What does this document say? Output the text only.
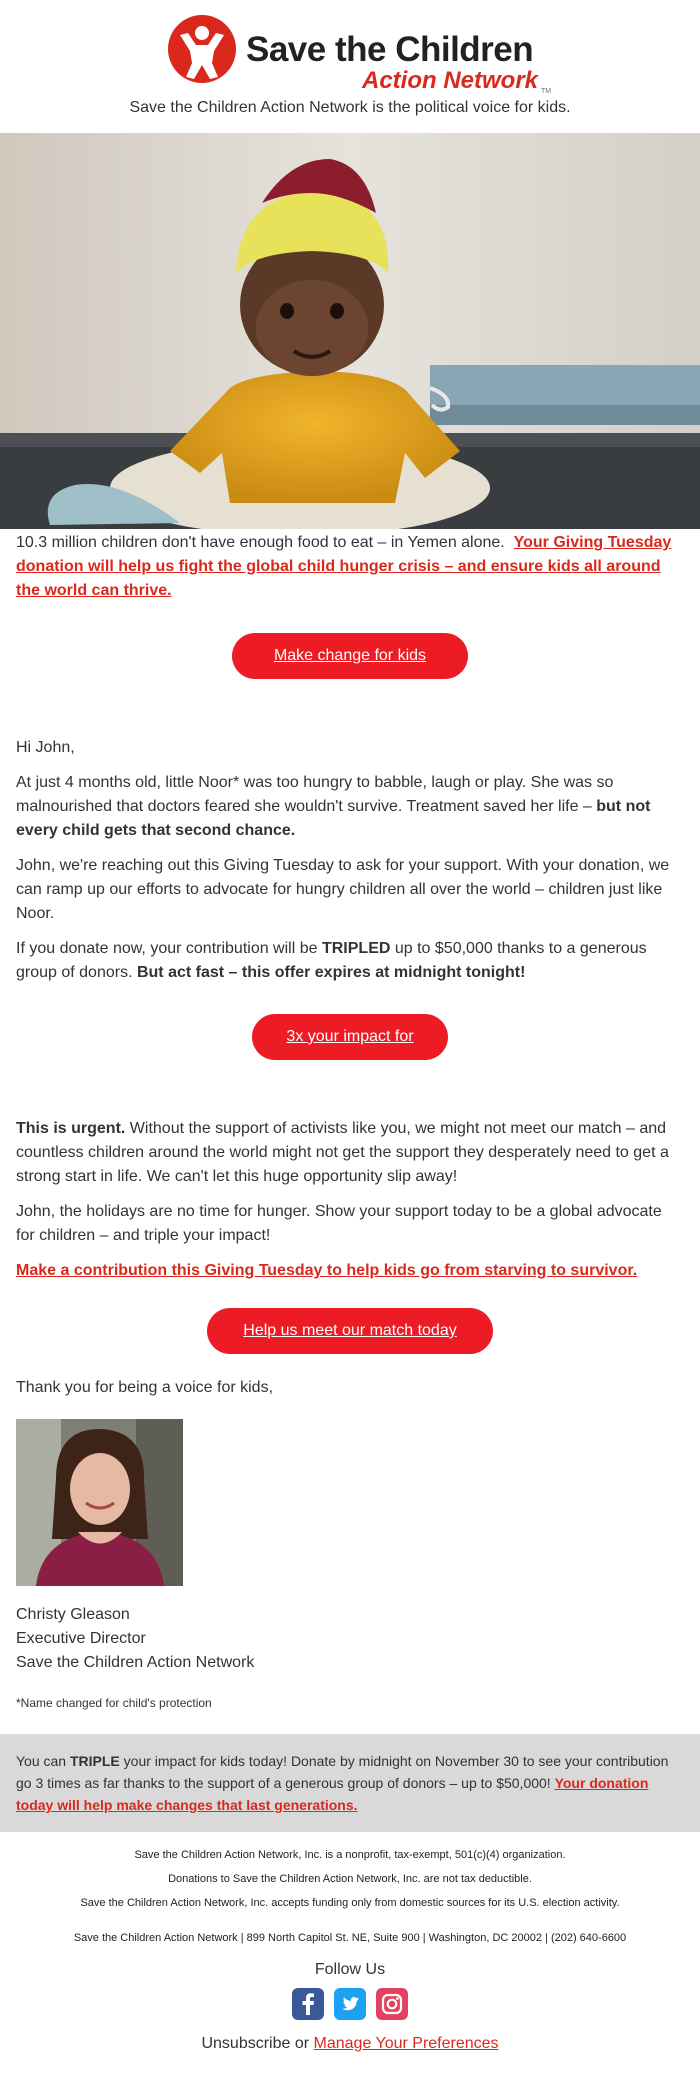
Save the Children
Action Network TM
Save the Children Action Network is the political voice for kids.
10.3 million children don't have enough food to eat – in Yemen alone. Your Giving Tuesday donation will help us fight the global child hunger crisis – and ensure kids all around the world can thrive.
Make change for kids everywhere
Hi John,
At just 4 months old, little Noor* was too hungry to babble, laugh or play. She was so malnourished that doctors feared she wouldn't survive. Treatment saved her life – but not every child gets that second chance.
John, we're reaching out this Giving Tuesday to ask for your support. With your donation, we can ramp up our efforts to advocate for hungry children all over the world – children just like Noor.
If you donate now, your contribution will be TRIPLED up to $50,000 thanks to a generous group of donors. But act fast – this offer expires at midnight tonight!
3x your impact for kids!
This is urgent. Without the support of activists like you, we might not meet our match – and countless children around the world might not get the support they desperately need to get a strong start in life. We can't let this huge opportunity slip away!
John, the holidays are no time for hunger. Show your support today to be a global advocate for children – and triple your impact!
Make a contribution this Giving Tuesday to help kids go from starving to survivor.
Help us meet our match today
Thank you for being a voice for kids,
Christy Gleason
Executive Director
Save the Children Action Network
*Name changed for child's protection
You can TRIPLE your impact for kids today! Donate by midnight on November 30 to see your contribution go 3 times as far thanks to the support of a generous group of donors – up to $50,000! Your donation today will help make changes that last generations.
Save the Children Action Network, Inc. is a nonprofit, tax-exempt, 501(c)(4) organization.
Donations to Save the Children Action Network, Inc. are not tax deductible.
Save the Children Action Network, Inc. accepts funding only from domestic sources for its U.S. election activity.
Save the Children Action Network | 899 North Capitol St. NE, Suite 900 | Washington, DC 20002 | (202) 640-6600
Follow Us

Unsubscribe or Manage Your Preferences
